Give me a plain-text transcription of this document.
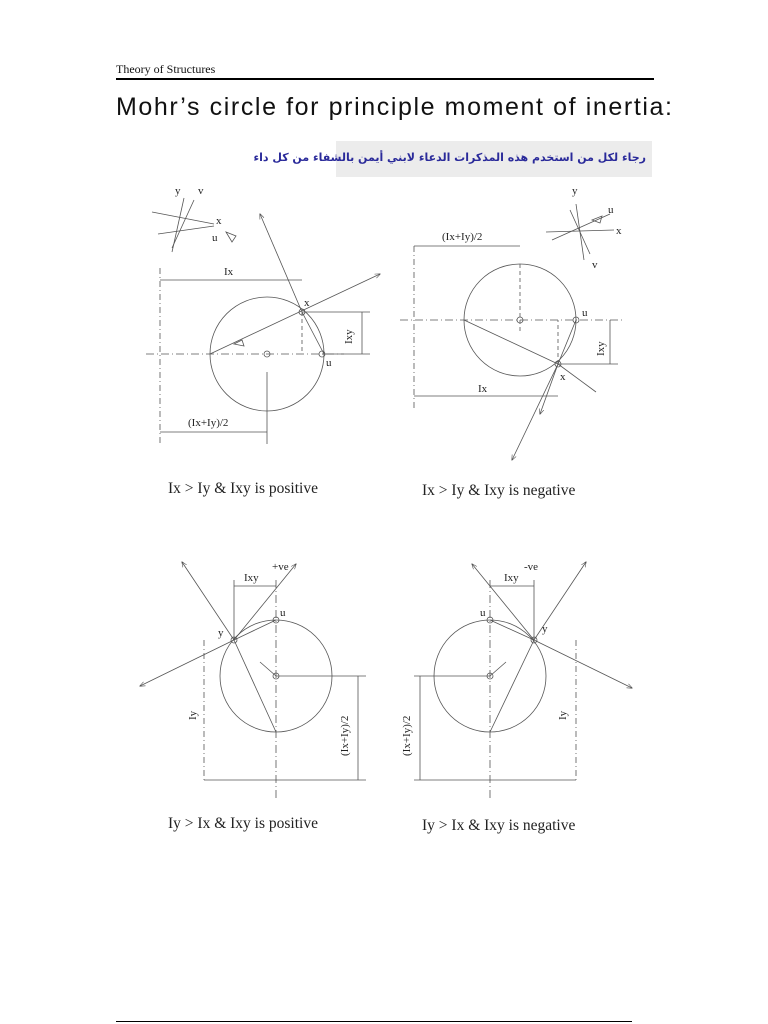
Theory of Structures
Mohr’s circle for principle moment of inertia:
رجاء لكل من استخدم هذه المذكرات الدعاء لابني أيمن بالشفاء من كل داء
y v
x
u
Ix
x
Ixy
u
(Ix+Iy)/2
Ix > Iy & Ixy is positive
y
u
x
v
(Ix+Iy)/2
u
Ixy
x
Ix
Ix > Iy & Ixy is negative
+ve
Ixy
u
y
Iy
(Ix+Iy)/2
Iy > Ix & Ixy is positive
-ve
Ixy
u
y
Iy
(Ix+Iy)/2
Iy > Ix & Ixy is negative
